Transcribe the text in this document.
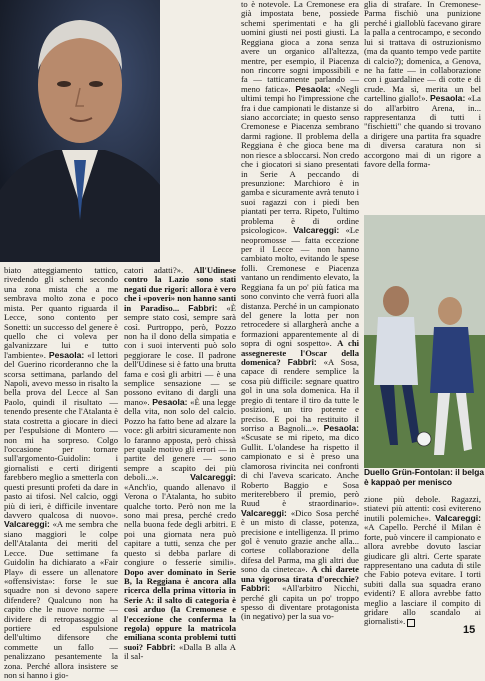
biato atteggiamento tattico, rivedendo gli schemi secondo una zona mista che a me sembrava molto zona e poco mista. Per quanto riguarda il Lecce, sono contento per Sonetti: un successo del genere è quello che ci voleva per galvanizzare lui e tutto l'ambiente». Pesaola: «I lettori del Guerino ricorderanno che la scorsa settimana, parlando del Napoli, avevo messo in risalto la bella prova del Lecce al San Paolo, quindi il risultato — tenendo presente che l'Atalanta è stata costretta a giocare in dieci per l'espulsione di Montero — non mi ha sorpreso. Colgo l'occasione per tornare sull'argomento-Guidolin: i giornalisti e certi dirigenti farebbero meglio a smetterla con questi presunti profeti da dare in pasto ai tifosi. Nel calcio, oggi più di ieri, è difficile inventare davvero qualcosa di nuovo». Valcareggi: «A me sembra che siano maggiori le colpe dell'Atalanta dei meriti del Lecce. Due settimane fa Guidolin ha dichiarato a «Fair Play» di essere un allenatore «offensivista»: forse le sue squadre non si devono sapere difendere? Qualcuno non ha capito che le nuove norme — dividere di retropassaggio al portiere ed espulsione dell'ultimo difensore che commette un fallo — penalizzano pesantemente la zona. Perché allora insistere se non si hanno i gio-

catori adatti?». All'Udinese contro la Lazio sono stati negati due rigori: allora è vero che i «poveri» non hanno santi in Paradiso... Fabbri: «È sempre stato così, sempre sarà così. Purtroppo, però, Pozzo non ha il dono della simpatia e con i suoi interventi può solo peggiorare le cose. Il padrone dell'Udinese si è fatto una brutta fama e così gli arbitri — è una semplice sensazione — se possono evitano di dargli una mano». Pesaola: «È una legge della vita, non solo del calcio. Pozzo ha fatto bene ad alzare la voce: gli arbitri sicuramente non lo faranno apposta, però chissà per quale motivo gli errori — in partite del genere — sono sempre a scapito dei più deboli...».	Valcareggi: «Anch'io, quando allenavo il Verona o l'Atalanta, ho subito qualche torto. Però non me la sono mai presa, perché credo nella buona fede degli arbitri. E poi una giornata nera può capitare a tutti, senza che per questo si debba parlare di congiure o fesserie simili». Dopo aver dominato in Serie B, la Reggiana è ancora alla ricerca della prima vittoria in Serie A: il salto di categoria è così arduo (la Cremonese e l'eccezione che conferma la regola) oppure la matricola emiliana sconta problemi tutti suoi? Fabbri: «Dalla B alla A il sal-

to è notevole. La Cremonese era già impostata bene, possiede schemi sperimentati e ha gli uomini giusti nei posti giusti. La Reggiana gioca a zona senza avere un organico all'altezza, mentre, per esempio, il Piacenza non rincorre sogni impossibili e fa — tatticamente parlando — meno fatica». Pesaola: «Negli ultimi tempi ho l'impressione che fra i due campionati le distanze si siano accorciate; in questo senso Cremonese e Piacenza sembrano darmi ragione. Il problema della Reggiana è che gioca bene ma non riesce a sbloccarsi. Non credo che i giocatori si siano presentati in Serie A peccando di presunzione: Marchioro è in gamba e sicuramente avrà tenuto i suoi ragazzi con i piedi ben piantati per terra. Ripeto, l'ultimo problema è di ordine psicologico». Valcareggi: «Le neopromosse — fatta eccezione per il Lecce — non hanno cambiato molto, evitando le spese folli. Cremonese e Piacenza vantano un rendimento elevato, la Reggiana fa un po' più fatica ma sono convinto che verrà fuori alla distanza. Perché in un campionato del genere la lotta per non retrocedere si allargherà anche a formazioni apparentemente al di sopra di ogni sospetto». A chi assegnereste l'Oscar della domenica? Fabbri: «A Sosa, capace di rendere semplice la cosa più difficile: segnare quattro gol in una sola domenica. Ha il pregio di tentare il tiro da tutte le posizioni, un tiro potente e preciso. E poi ha restituito il sorriso a Bagnoli...». Pesaola: «Scusate se mi ripeto, ma dico Gullit. L'olandese ha rispetto il campionato e si è preso una clamorosa rivincita nei confronti di chi l'aveva scaricato. Anche Roberto Baggio e Sosa meriterebbero il premio, però Ruud è straordinario». Valcareggi: «Dico Sosa perché è un misto di classe, potenza, precisione e intelligenza. Il primo gol è venuto grazie anche alla... cortese collaborazione della difesa del Parma, ma gli altri due sono da cineteca». A chi darete una vigorosa tirata d'orecchie? Fabbri: «All'arbitro Nicchi, perché gli capita un po' troppo spesso di diventare protagonista (in negativo) per la sua vo-

glia di strafare. In Cremonese-Parma fischiò una punizione perché i gialloblù facevano girare la palla a centrocampo, e secondo lui si trattava di ostruzionismo (ma da quanto tempo vede partite di calcio?); domenica, a Genova, ne ha fatte — in collaborazione con i guardalinee — di cotte e di crude. Ma sì, merita un bel cartellino giallo!». Pesaola: «La do all'arbitro Arena, in... rappresentanza di tutti i "fischietti" che quando si trovano a dirigere una partita fra squadre di diversa caratura non si accorgono mai di un rigore a favore della forma-

Duello Grün-Fontolan: il belga è kappaò per menisco

zione più debole. Ragazzi, stiatevi più attenti: così evitereno inutili polemiche». Valcareggi: «A Capello. Perché il Milan è forte, può vincere il campionato e allora avrebbe dovuto lasciar giudicare gli altri. Certe sparate rappresentano una caduta di stile che Fabio poteva evitare. I torti subiti dalla sua squadra erano evidenti? E allora avrebbe fatto meglio a lasciare il compito di gridare allo scandalo ai giornalisti».

15
